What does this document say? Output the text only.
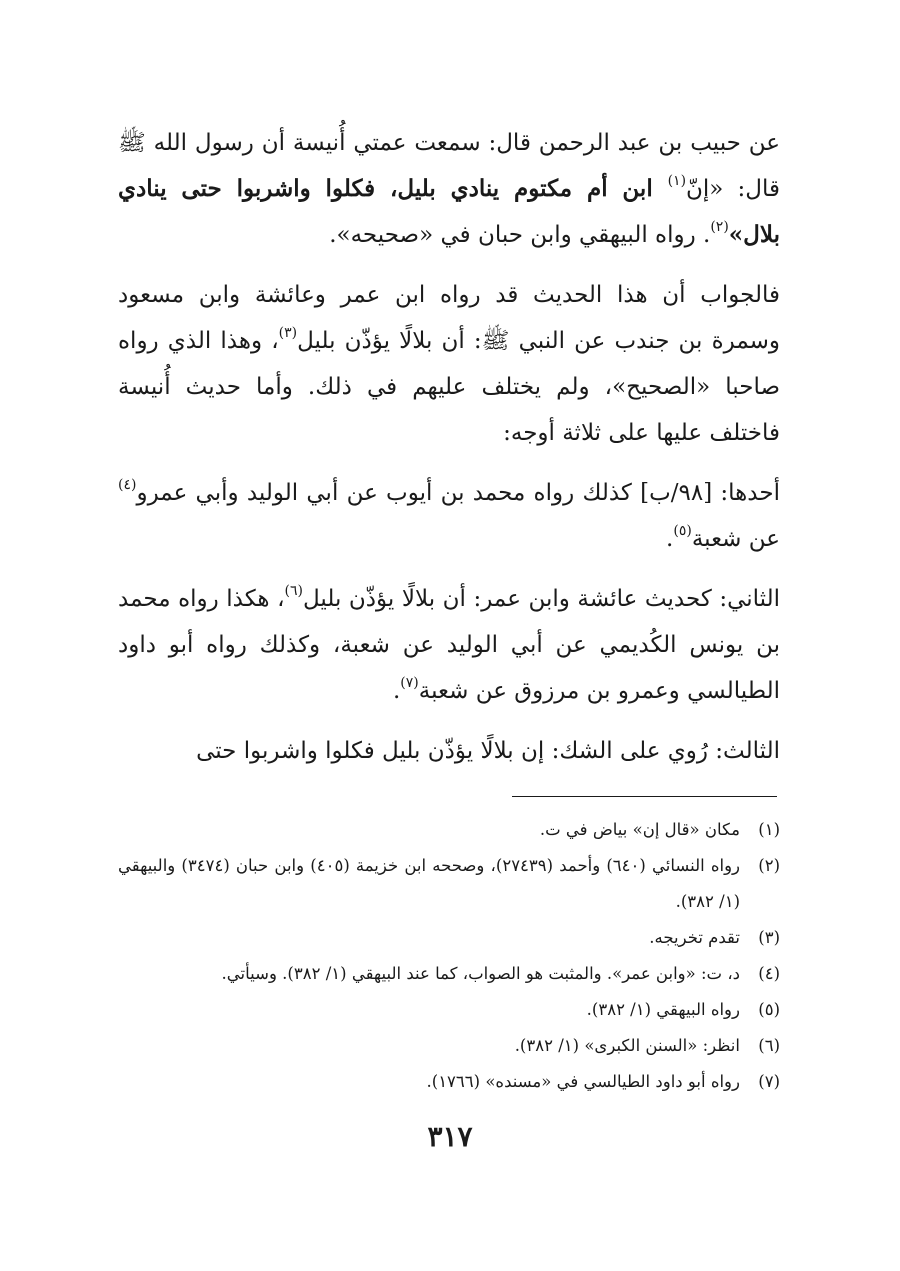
عن حبيب بن عبد الرحمن قال: سمعت عمتي أُنيسة أن رسول الله ﷺ قال: «إنّ$^{(١)}$ ابن أم مكتوم ينادي بليل، فكلوا واشربوا حتى ينادي بلال»$^{(٢)}$. رواه البيهقي وابن حبان في «صحيحه».

فالجواب أن هذا الحديث قد رواه ابن عمر وعائشة وابن مسعود وسمرة بن جندب عن النبي ﷺ: أن بلالًا يؤذّن بليل$^{(٣)}$، وهذا الذي رواه صاحبا «الصحيح»، ولم يختلف عليهم في ذلك. وأما حديث أُنيسة فاختلف عليها على ثلاثة أوجه:

أحدها: [٩٨/ب] كذلك رواه محمد بن أيوب عن أبي الوليد وأبي عمرو$^{(٤)}$ عن شعبة$^{(٥)}$.

الثاني: كحديث عائشة وابن عمر: أن بلالًا يؤذّن بليل$^{(٦)}$، هكذا رواه محمد بن يونس الكُديمي عن أبي الوليد عن شعبة، وكذلك رواه أبو داود الطيالسي وعمرو بن مرزوق عن شعبة$^{(٧)}$.

الثالث: رُوي على الشك: إن بلالًا يؤذّن بليل فكلوا واشربوا حتى

(١)
مكان «قال إن» بياض في ت.
(٢)
رواه النسائي (٦٤٠) وأحمد (٢٧٤٣٩)، وصححه ابن خزيمة (٤٠٥) وابن حبان (٣٤٧٤) والبيهقي (١/ ٣٨٢).
(٣)
تقدم تخريجه.
(٤)
د، ت: «وابن عمر». والمثبت هو الصواب، كما عند البيهقي (١/ ٣٨٢). وسيأتي.
(٥)
رواه البيهقي (١/ ٣٨٢).
(٦)
انظر: «السنن الكبرى» (١/ ٣٨٢).
(٧)
رواه أبو داود الطيالسي في «مسنده» (١٧٦٦).
٣١٧
